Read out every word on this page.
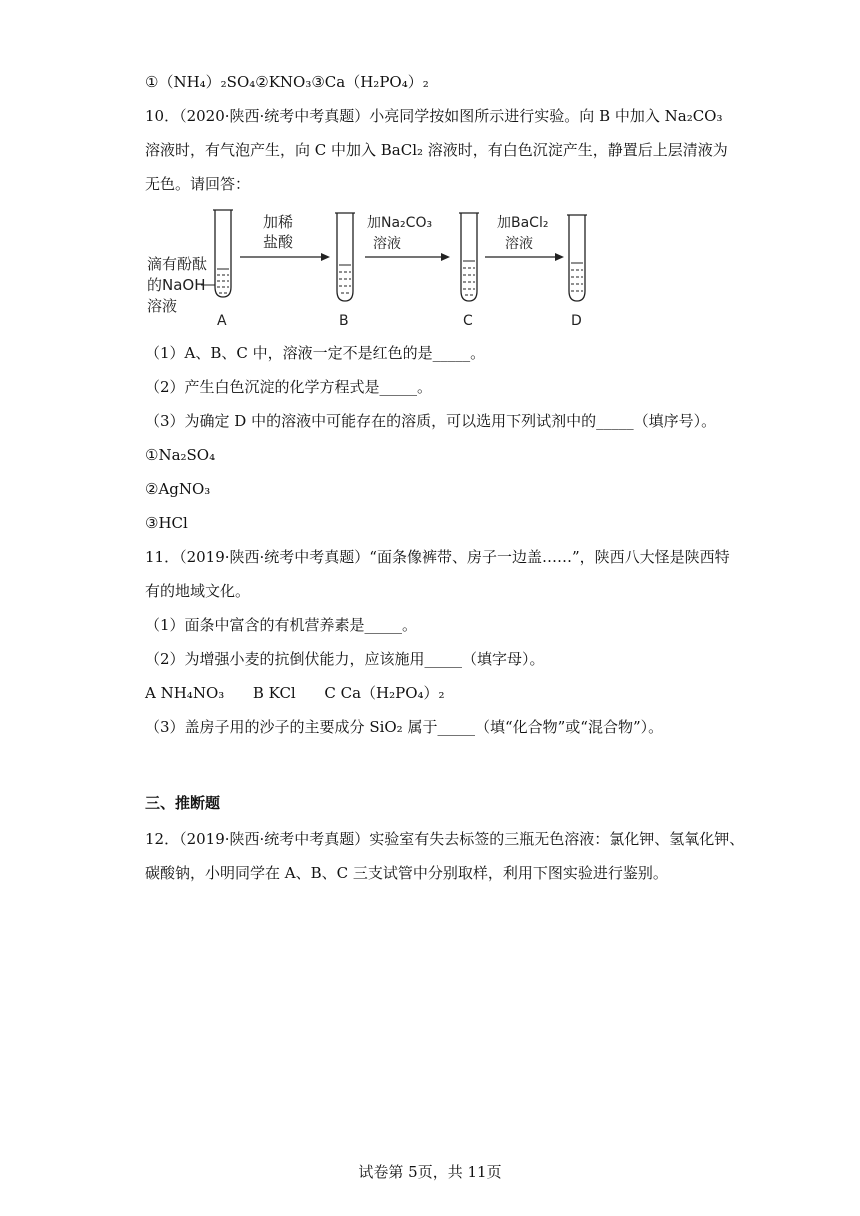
①（NH₄）₂SO₄②KNO₃③Ca（H₂PO₄）₂
10．（2020·陕西·统考中考真题）小亮同学按如图所示进行实验。向 B 中加入 Na₂CO₃
溶液时，有气泡产生，向 C 中加入 BaCl₂ 溶液时，有白色沉淀产生，静置后上层清液为
无色。请回答：
滴有酚酞
的NaOH
溶液
A
加稀
盐酸
B
加Na₂CO₃
溶液
C
加BaCl₂
溶液
D
（1）A、B、C 中，溶液一定不是红色的是_____。
（2）产生白色沉淀的化学方程式是_____。
（3）为确定 D 中的溶液中可能存在的溶质，可以选用下列试剂中的_____（填序号）。
①Na₂SO₄
②AgNO₃
③HCl
11．（2019·陕西·统考中考真题）“面条像裤带、房子一边盖……”，陕西八大怪是陕西特
有的地域文化。
（1）面条中富含的有机营养素是_____。
（2）为增强小麦的抗倒伏能力，应该施用_____（填字母）。
A NH₄NO₃      B KCl      C Ca（H₂PO₄）₂
（3）盖房子用的沙子的主要成分 SiO₂ 属于_____（填“化合物”或“混合物”）。
三、推断题
12．（2019·陕西·统考中考真题）实验室有失去标签的三瓶无色溶液：氯化钾、氢氧化钾、
碳酸钠，小明同学在 A、B、C 三支试管中分别取样，利用下图实验进行鉴别。
试卷第 5页，共 11页
